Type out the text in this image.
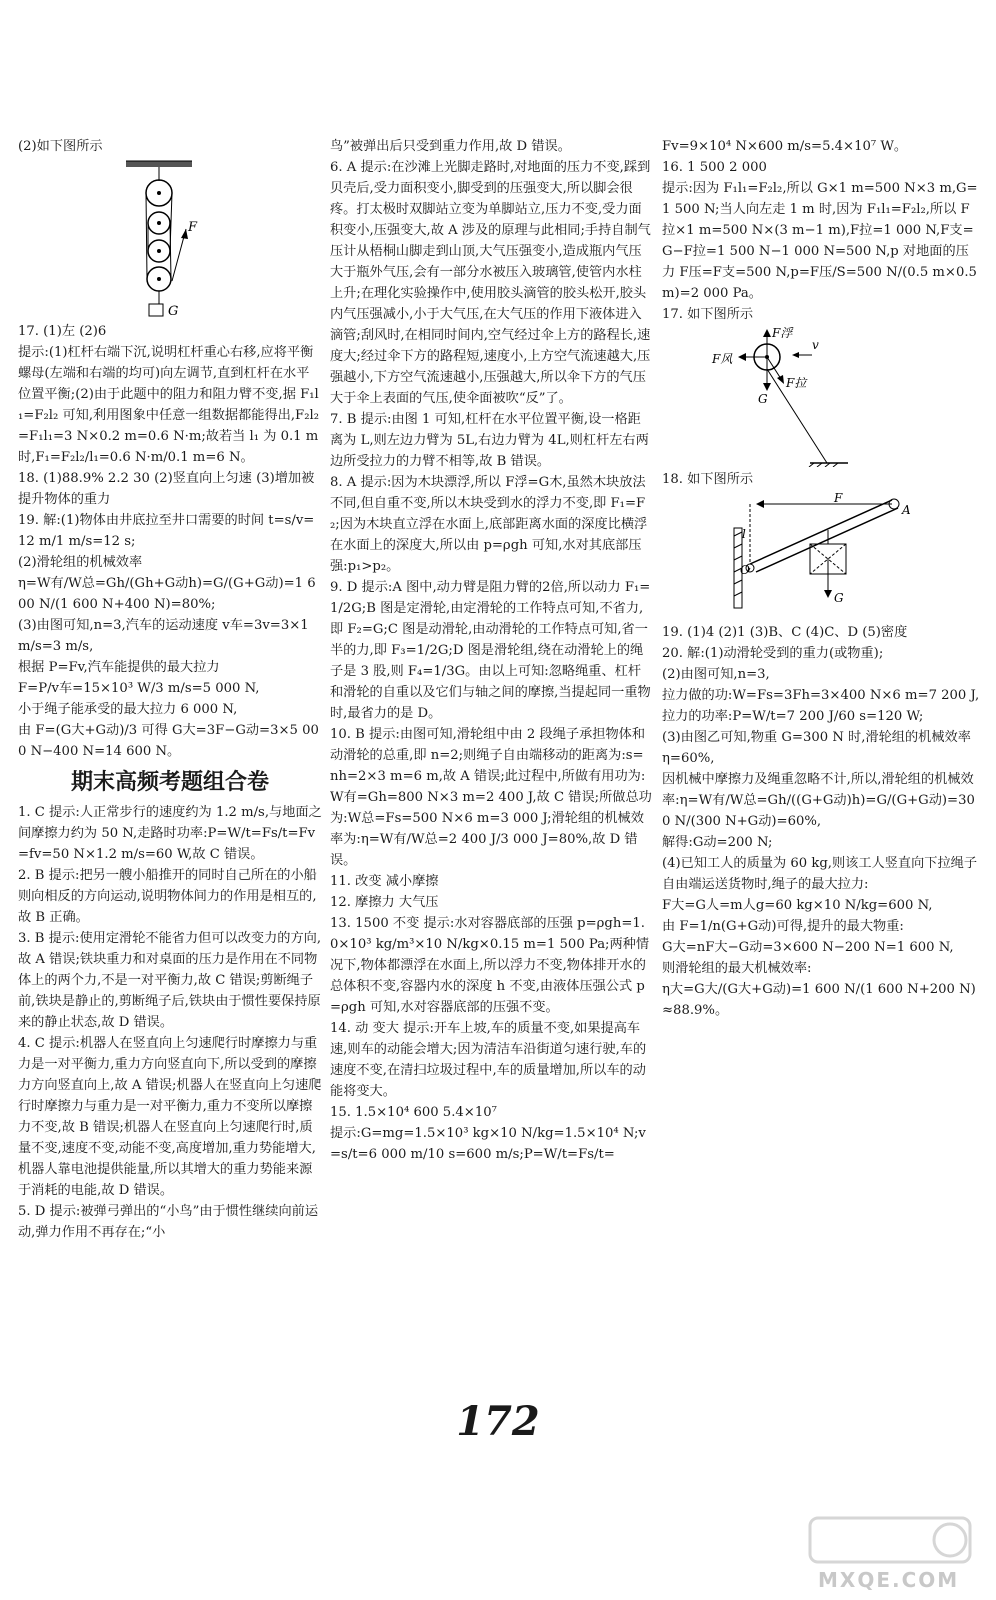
(2)如下图所示

F
G

17. (1)左 (2)6

提示:(1)杠杆右端下沉,说明杠杆重心右移,应将平衡螺母(左端和右端的均可)向左调节,直到杠杆在水平位置平衡;(2)由于此题中的阻力和阻力臂不变,据 F₁l₁=F₂l₂ 可知,利用图象中任意一组数据都能得出,F₂l₂=F₁l₁=3 N×0.2 m=0.6 N·m;故若当 l₁ 为 0.1 m 时,F₁=F₂l₂/l₁=0.6 N·m/0.1 m=6 N。

18. (1)88.9% 2.2 30 (2)竖直向上匀速 (3)增加被提升物体的重力

19. 解:(1)物体由井底拉至井口需要的时间 t=s/v=12 m/1 m/s=12 s;

(2)滑轮组的机械效率

η=W有/W总=Gh/(Gh+G动h)=G/(G+G动)=1 600 N/(1 600 N+400 N)=80%;

(3)由图可知,n=3,汽车的运动速度 v车=3v=3×1 m/s=3 m/s,

根据 P=Fv,汽车能提供的最大拉力

F=P/v车=15×10³ W/3 m/s=5 000 N,

小于绳子能承受的最大拉力 6 000 N,

由 F=(G大+G动)/3 可得 G大=3F−G动=3×5 000 N−400 N=14 600 N。

期末高频考题组合卷

1. C 提示:人正常步行的速度约为 1.2 m/s,与地面之间摩擦力约为 50 N,走路时功率:P=W/t=Fs/t=Fv=fv=50 N×1.2 m/s=60 W,故 C 错误。

2. B 提示:把另一艘小船推开的同时自己所在的小船则向相反的方向运动,说明物体间力的作用是相互的,故 B 正确。

3. B 提示:使用定滑轮不能省力但可以改变力的方向,故 A 错误;铁块重力和对桌面的压力是作用在不同物体上的两个力,不是一对平衡力,故 C 错误;剪断绳子前,铁块是静止的,剪断绳子后,铁块由于惯性要保持原来的静止状态,故 D 错误。

4. C 提示:机器人在竖直向上匀速爬行时摩擦力与重力是一对平衡力,重力方向竖直向下,所以受到的摩擦力方向竖直向上,故 A 错误;机器人在竖直向上匀速爬行时摩擦力与重力是一对平衡力,重力不变所以摩擦力不变,故 B 错误;机器人在竖直向上匀速爬行时,质量不变,速度不变,动能不变,高度增加,重力势能增大,机器人靠电池提供能量,所以其增大的重力势能来源于消耗的电能,故 D 错误。

5. D 提示:被弹弓弹出的“小鸟”由于惯性继续向前运动,弹力作用不再存在;“小

鸟”被弹出后只受到重力作用,故 D 错误。

6. A 提示:在沙滩上光脚走路时,对地面的压力不变,踩到贝壳后,受力面积变小,脚受到的压强变大,所以脚会很疼。打太极时双脚站立变为单脚站立,压力不变,受力面积变小,压强变大,故 A 涉及的原理与此相同;手持自制气压计从梧桐山脚走到山顶,大气压强变小,造成瓶内气压大于瓶外气压,会有一部分水被压入玻璃管,使管内水柱上升;在理化实验操作中,使用胶头滴管的胶头松开,胶头内气压强减小,小于大气压,在大气压的作用下液体进入滴管;刮风时,在相同时间内,空气经过伞上方的路程长,速度大;经过伞下方的路程短,速度小,上方空气流速越大,压强越小,下方空气流速越小,压强越大,所以伞下方的气压大于伞上表面的气压,使伞面被吹“反”了。

7. B 提示:由图 1 可知,杠杆在水平位置平衡,设一格距离为 L,则左边力臂为 5L,右边力臂为 4L,则杠杆左右两边所受拉力的力臂不相等,故 B 错误。

8. A 提示:因为木块漂浮,所以 F浮=G木,虽然木块放法不同,但自重不变,所以木块受到水的浮力不变,即 F₁=F₂;因为木块直立浮在水面上,底部距离水面的深度比横浮在水面上的深度大,所以由 p=ρgh 可知,水对其底部压强:p₁>p₂。

9. D 提示:A 图中,动力臂是阻力臂的2倍,所以动力 F₁=1/2G;B 图是定滑轮,由定滑轮的工作特点可知,不省力,即 F₂=G;C 图是动滑轮,由动滑轮的工作特点可知,省一半的力,即 F₃=1/2G;D 图是滑轮组,绕在动滑轮上的绳子是 3 股,则 F₄=1/3G。由以上可知:忽略绳重、杠杆和滑轮的自重以及它们与轴之间的摩擦,当提起同一重物时,最省力的是 D。

10. B 提示:由图可知,滑轮组中由 2 段绳子承担物体和动滑轮的总重,即 n=2;则绳子自由端移动的距离为:s=nh=2×3 m=6 m,故 A 错误;此过程中,所做有用功为:W有=Gh=800 N×3 m=2 400 J,故 C 错误;所做总功为:W总=Fs=500 N×6 m=3 000 J;滑轮组的机械效率为:η=W有/W总=2 400 J/3 000 J=80%,故 D 错误。

11. 改变 减小摩擦

12. 摩擦力 大气压

13. 1500 不变 提示:水对容器底部的压强 p=ρgh=1.0×10³ kg/m³×10 N/kg×0.15 m=1 500 Pa;两种情况下,物体都漂浮在水面上,所以浮力不变,物体排开水的总体积不变,容器内水的深度 h 不变,由液体压强公式 p=ρgh 可知,水对容器底部的压强不变。

14. 动 变大 提示:开车上坡,车的质量不变,如果提高车速,则车的动能会增大;因为清洁车沿街道匀速行驶,车的速度不变,在清扫垃圾过程中,车的质量增加,所以车的动能将变大。

15. 1.5×10⁴ 600 5.4×10⁷

提示:G=mg=1.5×10³ kg×10 N/kg=1.5×10⁴ N;v=s/t=6 000 m/10 s=600 m/s;P=W/t=Fs/t=

Fv=9×10⁴ N×600 m/s=5.4×10⁷ W。

16. 1 500 2 000

提示:因为 F₁l₁=F₂l₂,所以 G×1 m=500 N×3 m,G=1 500 N;当人向左走 1 m 时,因为 F₁l₁=F₂l₂,所以 F拉×1 m=500 N×(3 m−1 m),F拉=1 000 N,F支=G−F拉=1 500 N−1 000 N=500 N,p 对地面的压力 F压=F支=500 N,p=F压/S=500 N/(0.5 m×0.5 m)=2 000 Pa。

17. 如下图所示

F浮
F风
G
F拉
v

18. 如下图所示

F
l
O
A
G

19. (1)4 (2)1 (3)B、C (4)C、D (5)密度

20. 解:(1)动滑轮受到的重力(或物重);

(2)由图可知,n=3,

拉力做的功:W=Fs=3Fh=3×400 N×6 m=7 200 J,

拉力的功率:P=W/t=7 200 J/60 s=120 W;

(3)由图乙可知,物重 G=300 N 时,滑轮组的机械效率 η=60%,

因机械中摩擦力及绳重忽略不计,所以,滑轮组的机械效率:η=W有/W总=Gh/((G+G动)h)=G/(G+G动)=300 N/(300 N+G动)=60%,

解得:G动=200 N;

(4)已知工人的质量为 60 kg,则该工人竖直向下拉绳子自由端运送货物时,绳子的最大拉力:

F大=G人=m人g=60 kg×10 N/kg=600 N,

由 F=1/n(G+G动)可得,提升的最大物重:

G大=nF大−G动=3×600 N−200 N=1 600 N,

则滑轮组的最大机械效率:

η大=G大/(G大+G动)=1 600 N/(1 600 N+200 N)≈88.9%。

172
MXQE.COM
